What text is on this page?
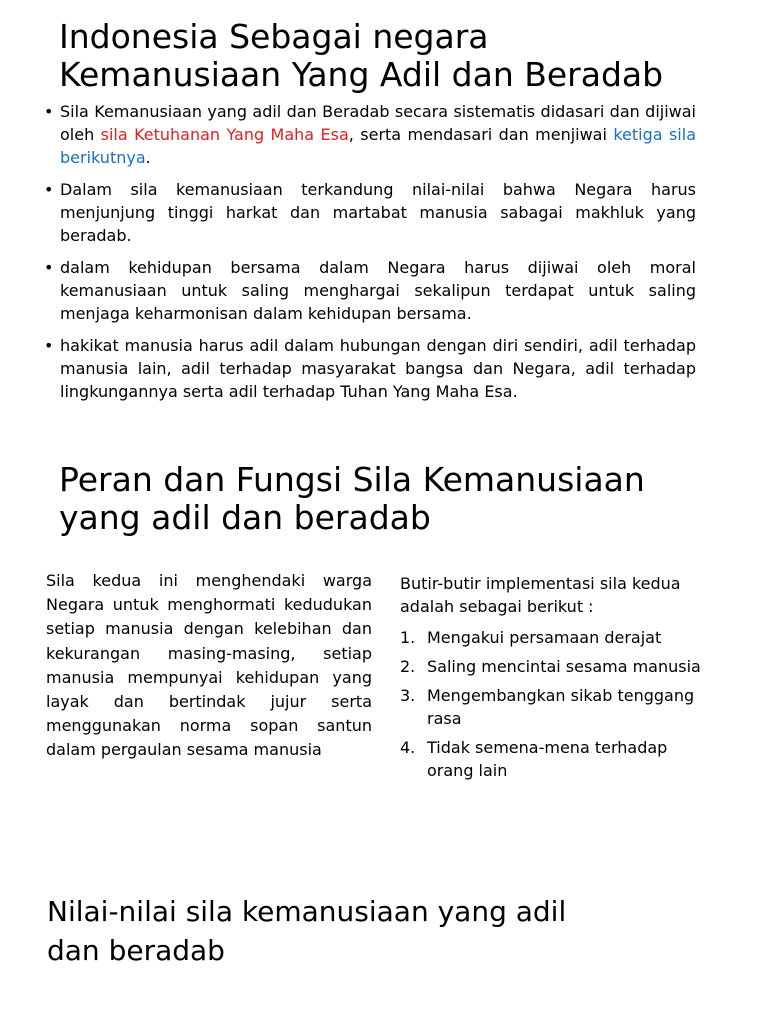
Indonesia Sebagai negara
Kemanusiaan Yang Adil dan Beradab
• Sila Kemanusiaan yang adil dan Beradab secara sistematis didasari dan dijiwai oleh sila Ketuhanan Yang Maha Esa, serta mendasari dan menjiwai ketiga sila berikutnya.
• Dalam sila kemanusiaan terkandung nilai-nilai bahwa Negara harus menjunjung tinggi harkat dan martabat manusia sabagai makhluk yang beradab.
• dalam kehidupan bersama dalam Negara harus dijiwai oleh moral kemanusiaan untuk saling menghargai sekalipun terdapat untuk saling menjaga keharmonisan dalam kehidupan bersama.
• hakikat manusia harus adil dalam hubungan dengan diri sendiri, adil terhadap manusia lain, adil terhadap masyarakat bangsa dan Negara, adil terhadap lingkungannya serta adil terhadap Tuhan Yang Maha Esa.
Peran dan Fungsi Sila Kemanusiaan
yang adil dan beradab

Sila kedua ini menghendaki warga Negara untuk menghormati kedudukan setiap manusia dengan kelebihan dan kekurangan masing-masing, setiap manusia mempunyai kehidupan yang layak dan bertindak jujur serta menggunakan norma sopan santun dalam pergaulan sesama manusia

Butir-butir implementasi sila kedua adalah sebagai berikut :

1. Mengakui persamaan derajat
2. Saling mencintai sesama manusia
3. Mengembangkan sikab tenggang rasa
4. Tidak semena-mena terhadap orang lain
Nilai-nilai sila kemanusiaan yang adil
dan beradab
